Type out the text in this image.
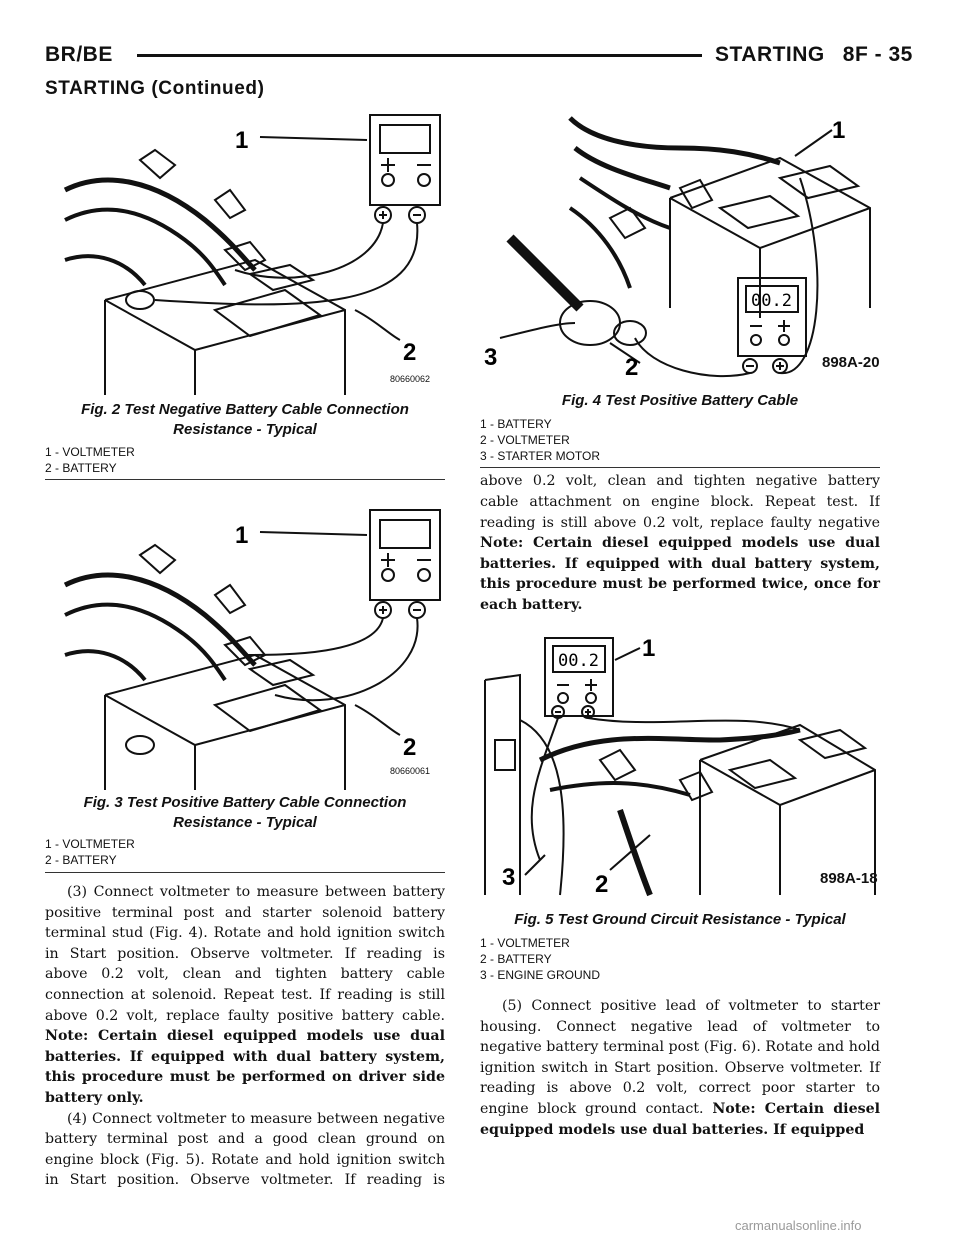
BR/BE	STARTING 8F - 35
STARTING (Continued)
1
2
80660062
Fig. 2 Test Negative Battery Cable Connection
Resistance - Typical
1 - VOLTMETER
2 - BATTERY
1
2
80660061
Fig. 3 Test Positive Battery Cable Connection
Resistance - Typical
1 - VOLTMETER
2 - BATTERY
(3) Connect voltmeter to measure between battery positive terminal post and starter solenoid battery terminal stud (Fig. 4). Rotate and hold ignition switch in Start position. Observe voltmeter. If reading is above 0.2 volt, clean and tighten battery cable connection at solenoid. Repeat test. If reading is still above 0.2 volt, replace faulty positive battery cable. Note: Certain diesel equipped models use dual batteries. If equipped with dual battery system, this procedure must be performed on driver side battery only.
(4) Connect voltmeter to measure between negative battery terminal post and a good clean ground on engine block (Fig. 5). Rotate and hold ignition switch in Start position. Observe voltmeter. If reading is
1
2
3
00.2
898A-20
Fig. 4 Test Positive Battery Cable
1 - BATTERY
2 - VOLTMETER
3 - STARTER MOTOR
above 0.2 volt, clean and tighten negative battery cable attachment on engine block. Repeat test. If reading is still above 0.2 volt, replace faulty negative
Note: Certain diesel equipped models use dual batteries. If equipped with dual battery system, this procedure must be performed twice, once for each battery.
1
2
3
00.2
898A-18
Fig. 5 Test Ground Circuit Resistance - Typical
1 - VOLTMETER
2 - BATTERY
3 - ENGINE GROUND
(5) Connect positive lead of voltmeter to starter housing. Connect negative lead of voltmeter to negative battery terminal post (Fig. 6). Rotate and hold ignition switch in Start position. Observe voltmeter. If reading is above 0.2 volt, correct poor starter to engine block ground contact. Note: Certain diesel equipped models use dual batteries. If equipped
carmanualsonline.info
